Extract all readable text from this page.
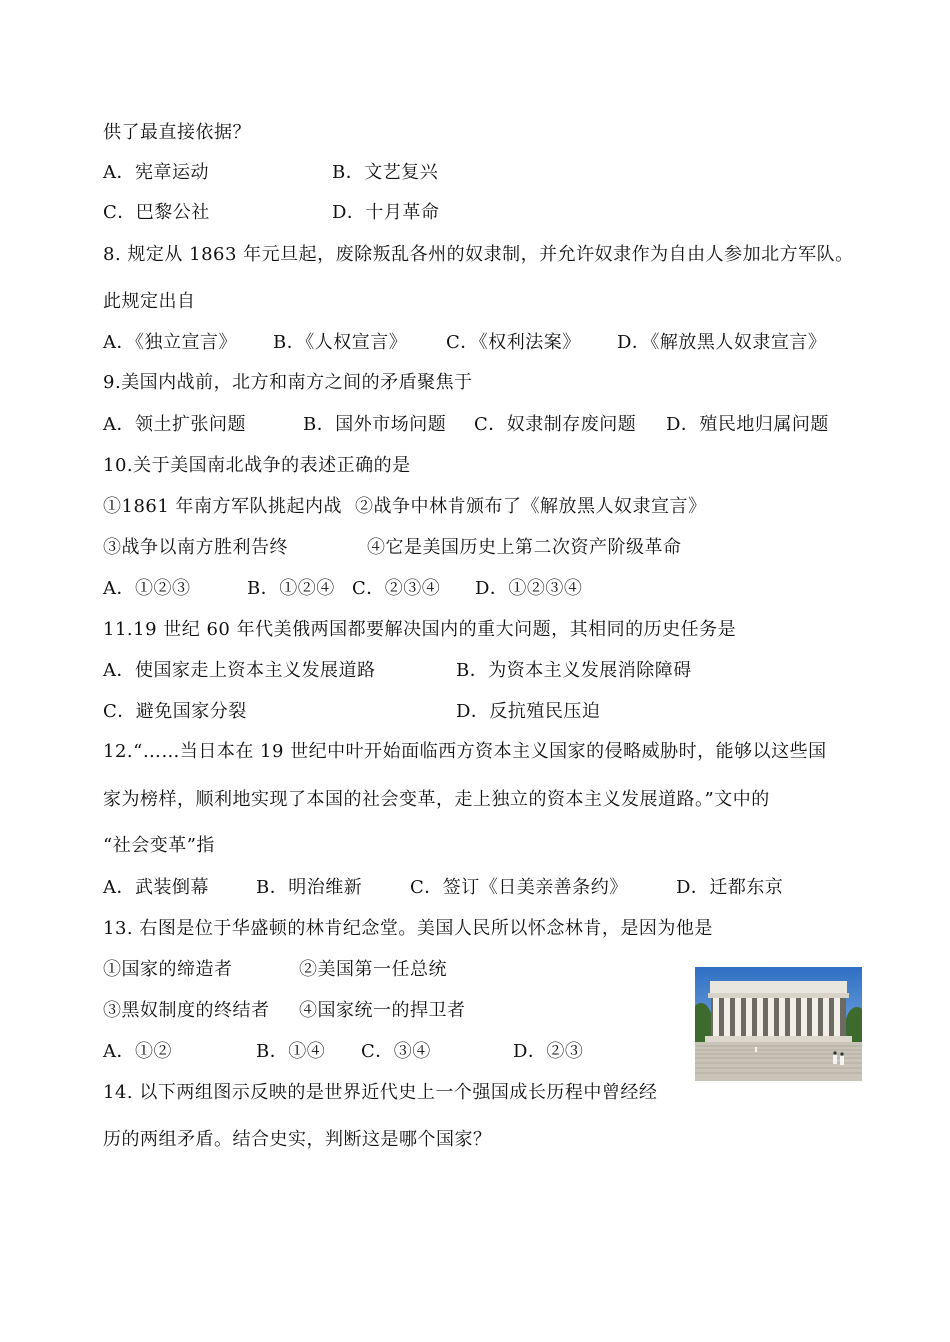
供了最直接依据？
A．宪章运动	B．文艺复兴
C．巴黎公社	D．十月革命
8. 规定从 1863 年元旦起，废除叛乱各州的奴隶制，并允许奴隶作为自由人参加北方军队。
此规定出自
A．《独立宣言》 B．《人权宣言》 C．《权利法案》 D．《解放黑人奴隶宣言》
9.美国内战前，北方和南方之间的矛盾聚焦于
A．领土扩张问题	B．国外市场问题 C．奴隶制存废问题 D．殖民地归属问题
10.关于美国南北战争的表述正确的是
①1861 年南方军队挑起内战 ②战争中林肯颁布了《解放黑人奴隶宣言》
③战争以南方胜利告终	④它是美国历史上第二次资产阶级革命
A．①②③	B．①②④ C．②③④ D．①②③④
11.19 世纪 60 年代美俄两国都要解决国内的重大问题，其相同的历史任务是
A．使国家走上资本主义发展道路	B．为资本主义发展消除障碍
C．避免国家分裂	D．反抗殖民压迫
12.“……当日本在 19 世纪中叶开始面临西方资本主义国家的侵略威胁时，能够以这些国
家为榜样，顺利地实现了本国的社会变革，走上独立的资本主义发展道路。”文中的
“社会变革”指
A．武装倒幕	B．明治维新	C．签订《日美亲善条约》	D．迁都东京
13. 右图是位于华盛顿的林肯纪念堂。美国人民所以怀念林肯，是因为他是
①国家的缔造者	②美国第一任总统
③黑奴制度的终结者 ④国家统一的捍卫者
A．①②	B．①④ C．③④	D．②③
14. 以下两组图示反映的是世界近代史上一个强国成长历程中曾经经
历的两组矛盾。结合史实，判断这是哪个国家？
